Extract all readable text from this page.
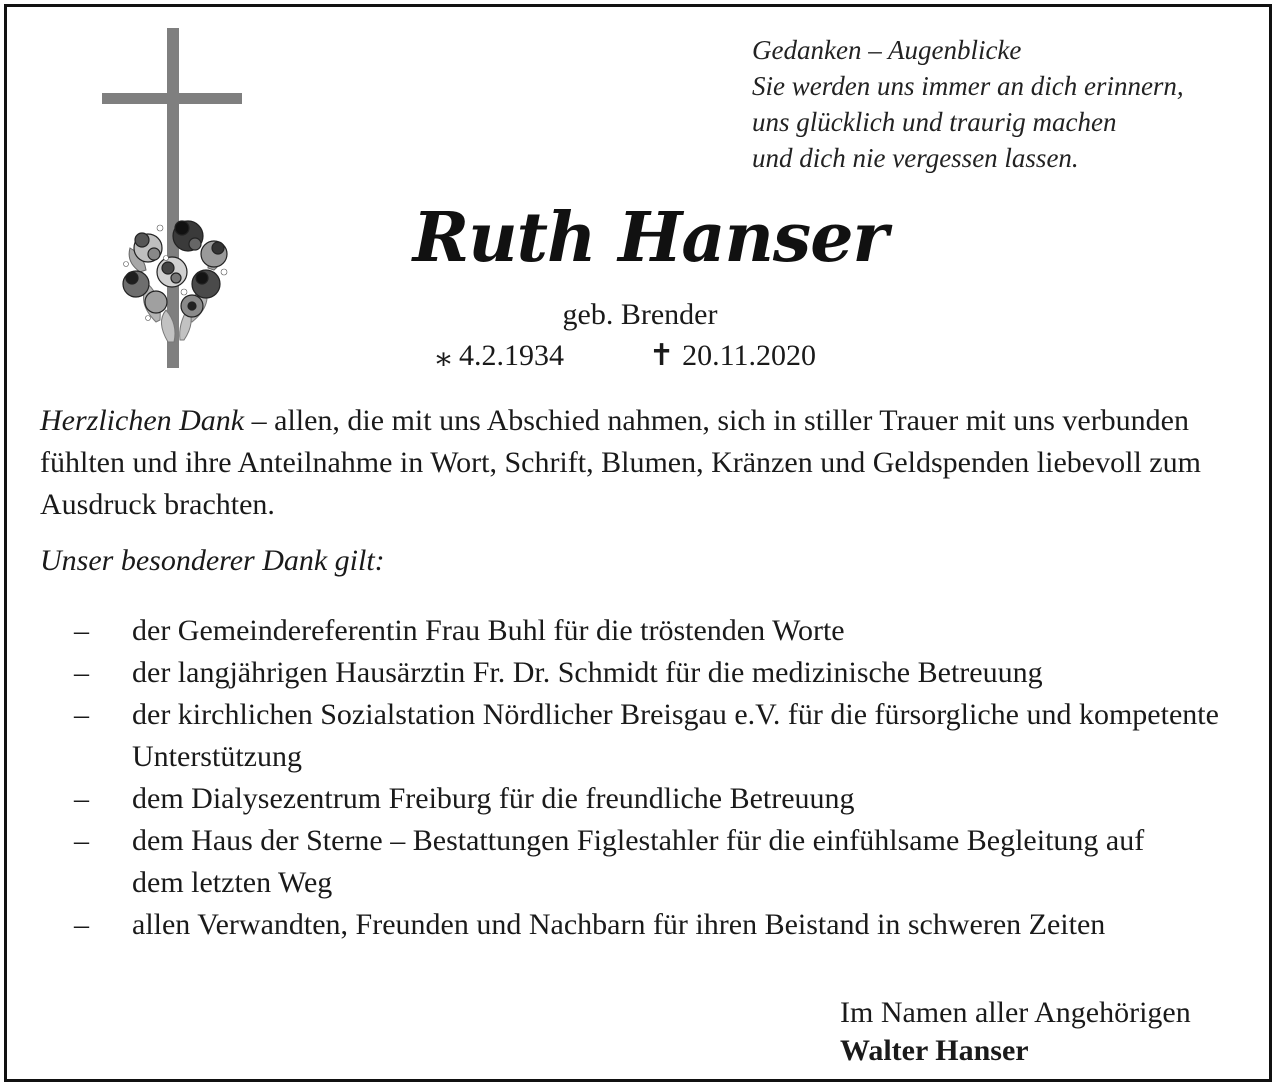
Gedanken – Augenblicke
Sie werden uns immer an dich erinnern,
uns glücklich und traurig machen
und dich nie vergessen lassen.
Ruth Hanser
geb. Brender
⁎ 4.2.1934	✝ 20.11.2020
Herzlichen Dank – allen, die mit uns Abschied nahmen, sich in stiller Trauer mit uns verbunden fühlten und ihre Anteilnahme in Wort, Schrift, Blumen, Kränzen und Geldspenden liebevoll zum Ausdruck brachten.
Unser besonderer Dank gilt:
– der Gemeindereferentin Frau Buhl für die tröstenden Worte
– der langjährigen Hausärztin Fr. Dr. Schmidt für die medizinische Betreuung
– der kirchlichen Sozialstation Nördlicher Breisgau e.V. für die fürsorgliche und kompetente Unterstützung
– dem Dialysezentrum Freiburg für die freundliche Betreuung
– dem Haus der Sterne – Bestattungen Figlestahler für die einfühlsame Begleitung auf dem letzten Weg
– allen Verwandten, Freunden und Nachbarn für ihren Beistand in schweren Zeiten
Im Namen aller Angehörigen
Walter Hanser
